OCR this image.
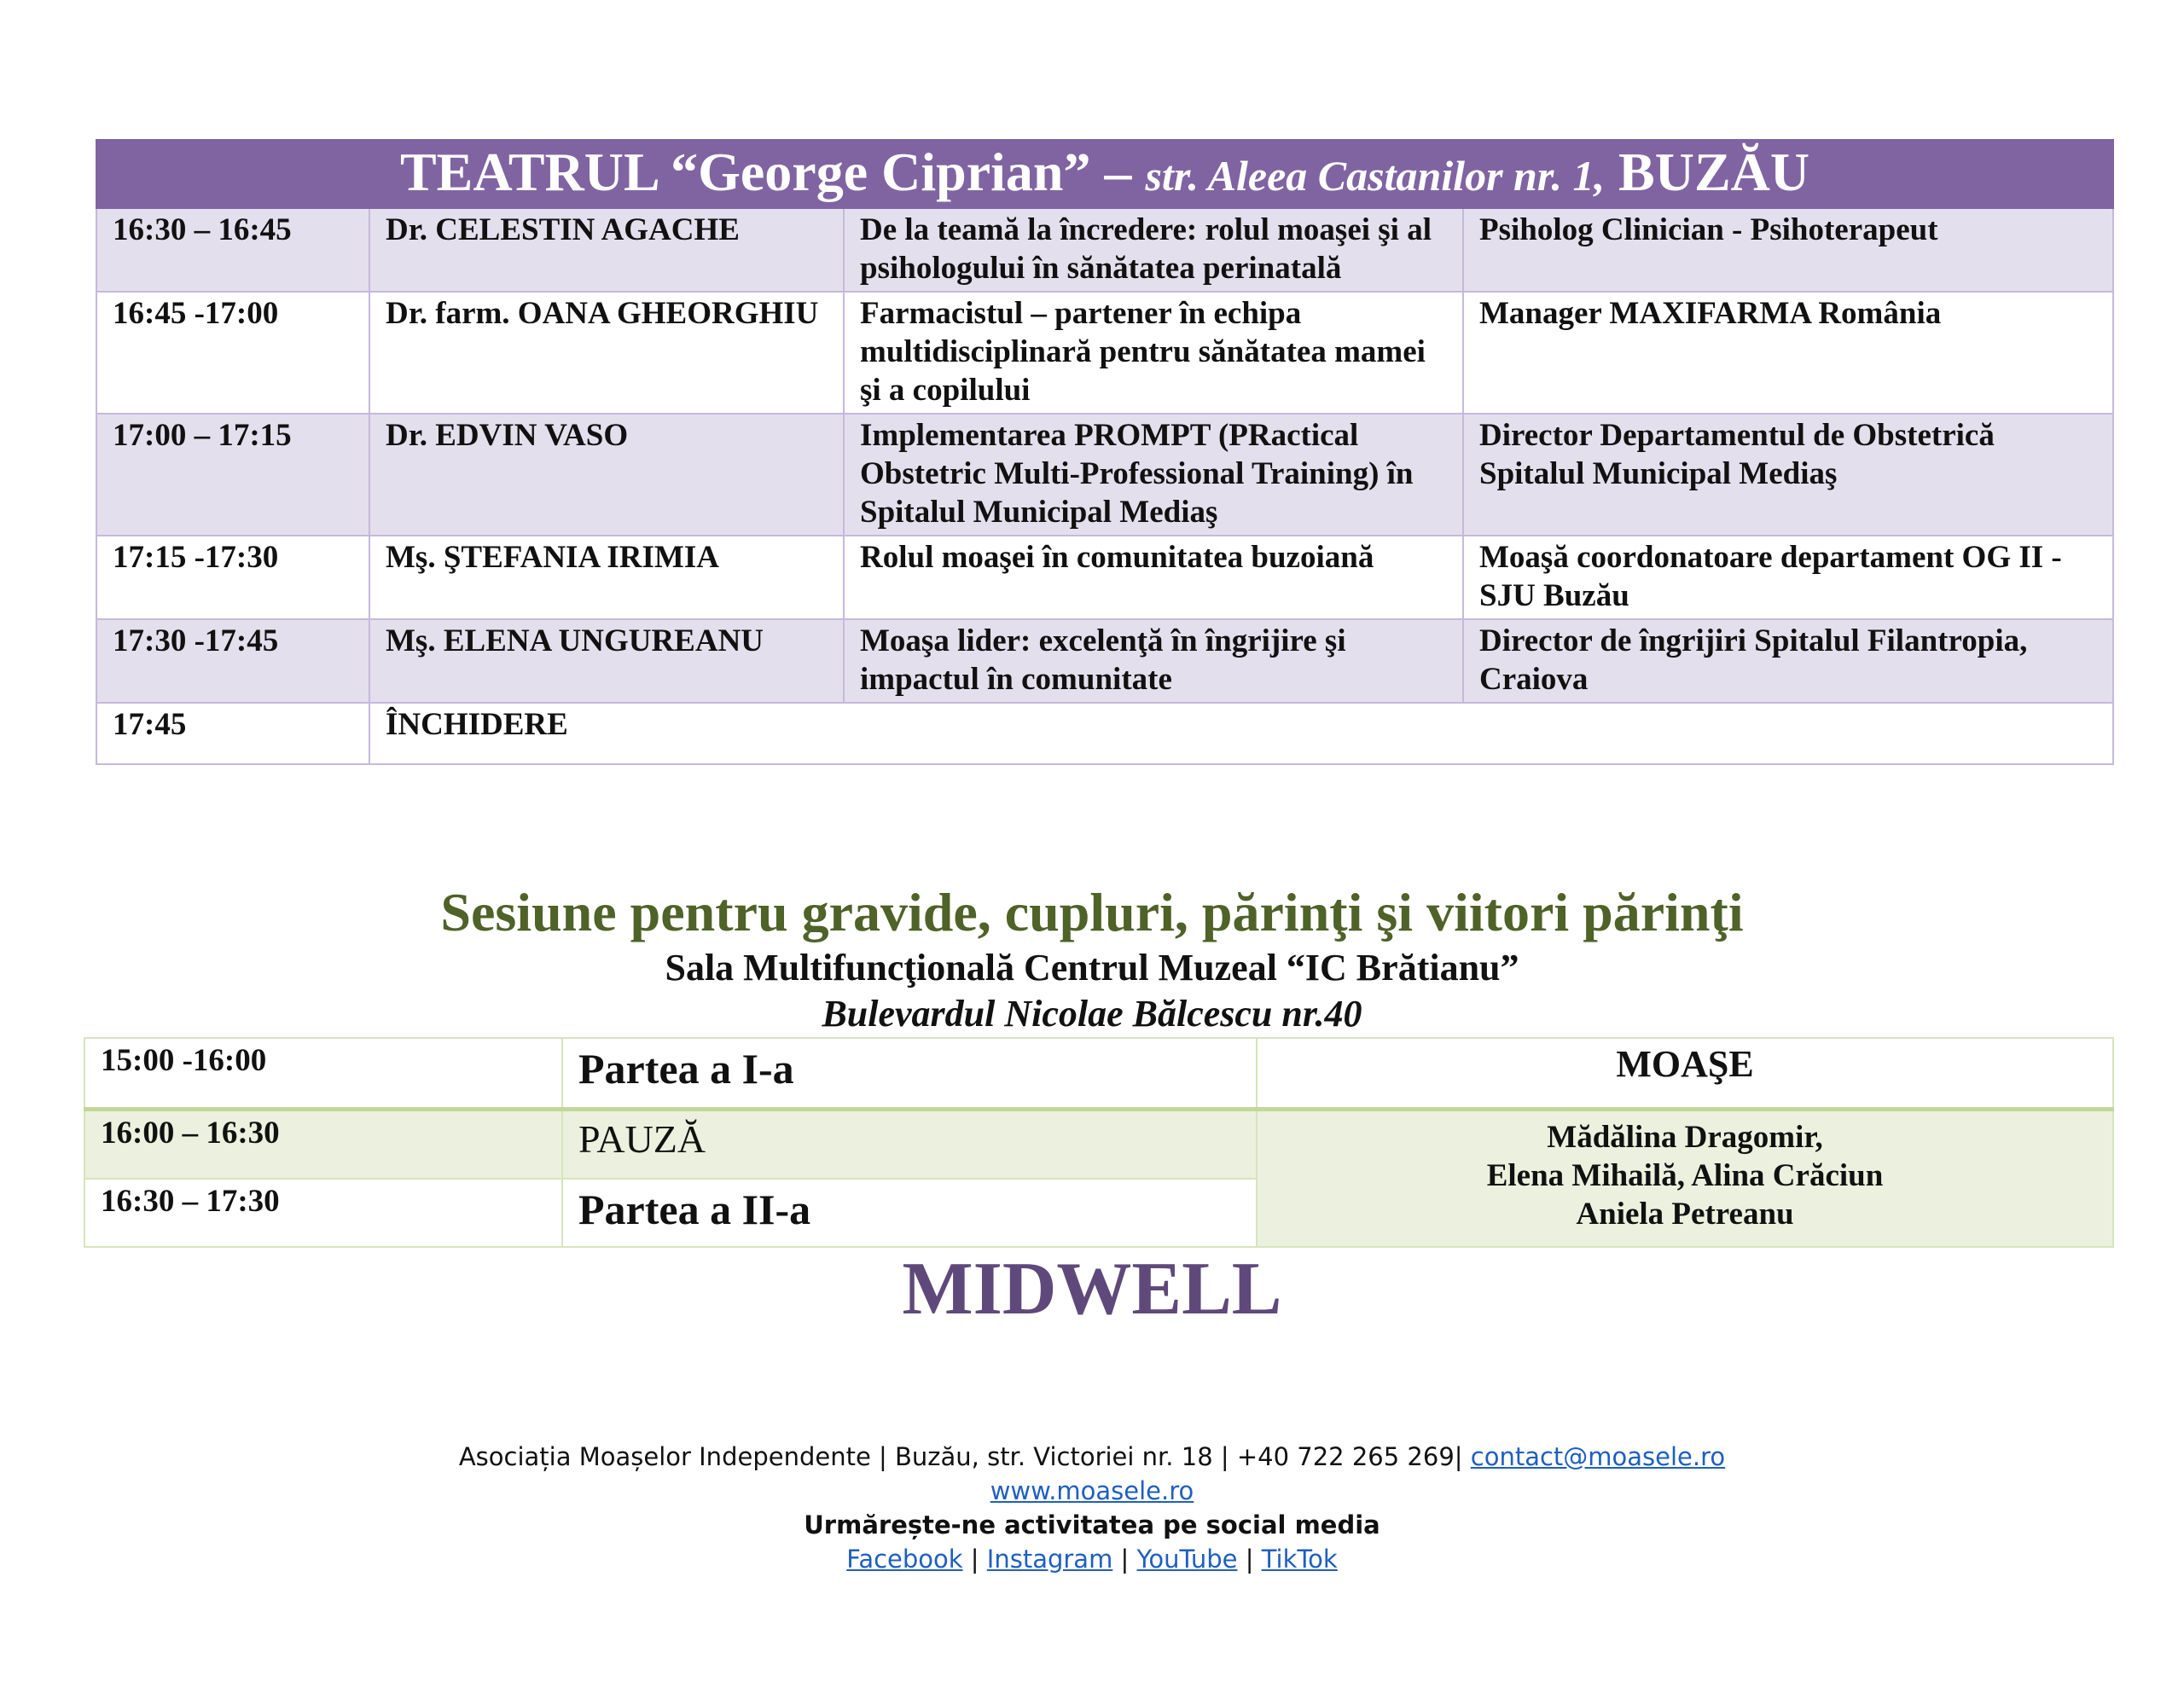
TEATRUL “George Ciprian” – str. Aleea Castanilor nr. 1, BUZĂU			
16:30 – 16:45	Dr. CELESTIN AGACHE	De la teamă la încredere: rolul moaşei şi al psihologului în sănătatea perinatală	Psiholog Clinician - Psihoterapeut
16:45 -17:00	Dr. farm. OANA GHEORGHIU	Farmacistul – partener în echipa multidisciplinară pentru sănătatea mamei şi a copilului	Manager MAXIFARMA România
17:00 – 17:15	Dr. EDVIN VASO	Implementarea PROMPT (PRactical Obstetric Multi-Professional Training) în Spitalul Municipal Mediaş	Director Departamentul de Obstetrică Spitalul Municipal Mediaş
17:15 -17:30	Mş. ŞTEFANIA IRIMIA	Rolul moaşei în comunitatea buzoiană	Moaşă coordonatoare departament OG II - SJU Buzău
17:30 -17:45	Mş. ELENA UNGUREANU	Moaşa lider: excelenţă în îngrijire şi impactul în comunitate	Director de îngrijiri Spitalul Filantropia, Craiova
17:45	ÎNCHIDERE		
Sesiune pentru gravide, cupluri, părinţi şi viitori părinţi
Sala Multifuncţională Centrul Muzeal “IC Brătianu”
Bulevardul Nicolae Bălcescu nr.40
15:00 -16:00	Partea a I-a	MOAŞE
16:00 – 16:30	PAUZĂ	Mădălina Dragomir,
Elena Mihailă, Alina Crăciun
Aniela Petreanu

16:30 – 17:30	Partea a II-a	
MIDWELL
Asociația Moașelor Independente | Buzău, str. Victoriei nr. 18 | +40 722 265 269| contact@moasele.ro
www.moasele.ro
Urmărește-ne activitatea pe social media
Facebook | Instagram | YouTube | TikTok
